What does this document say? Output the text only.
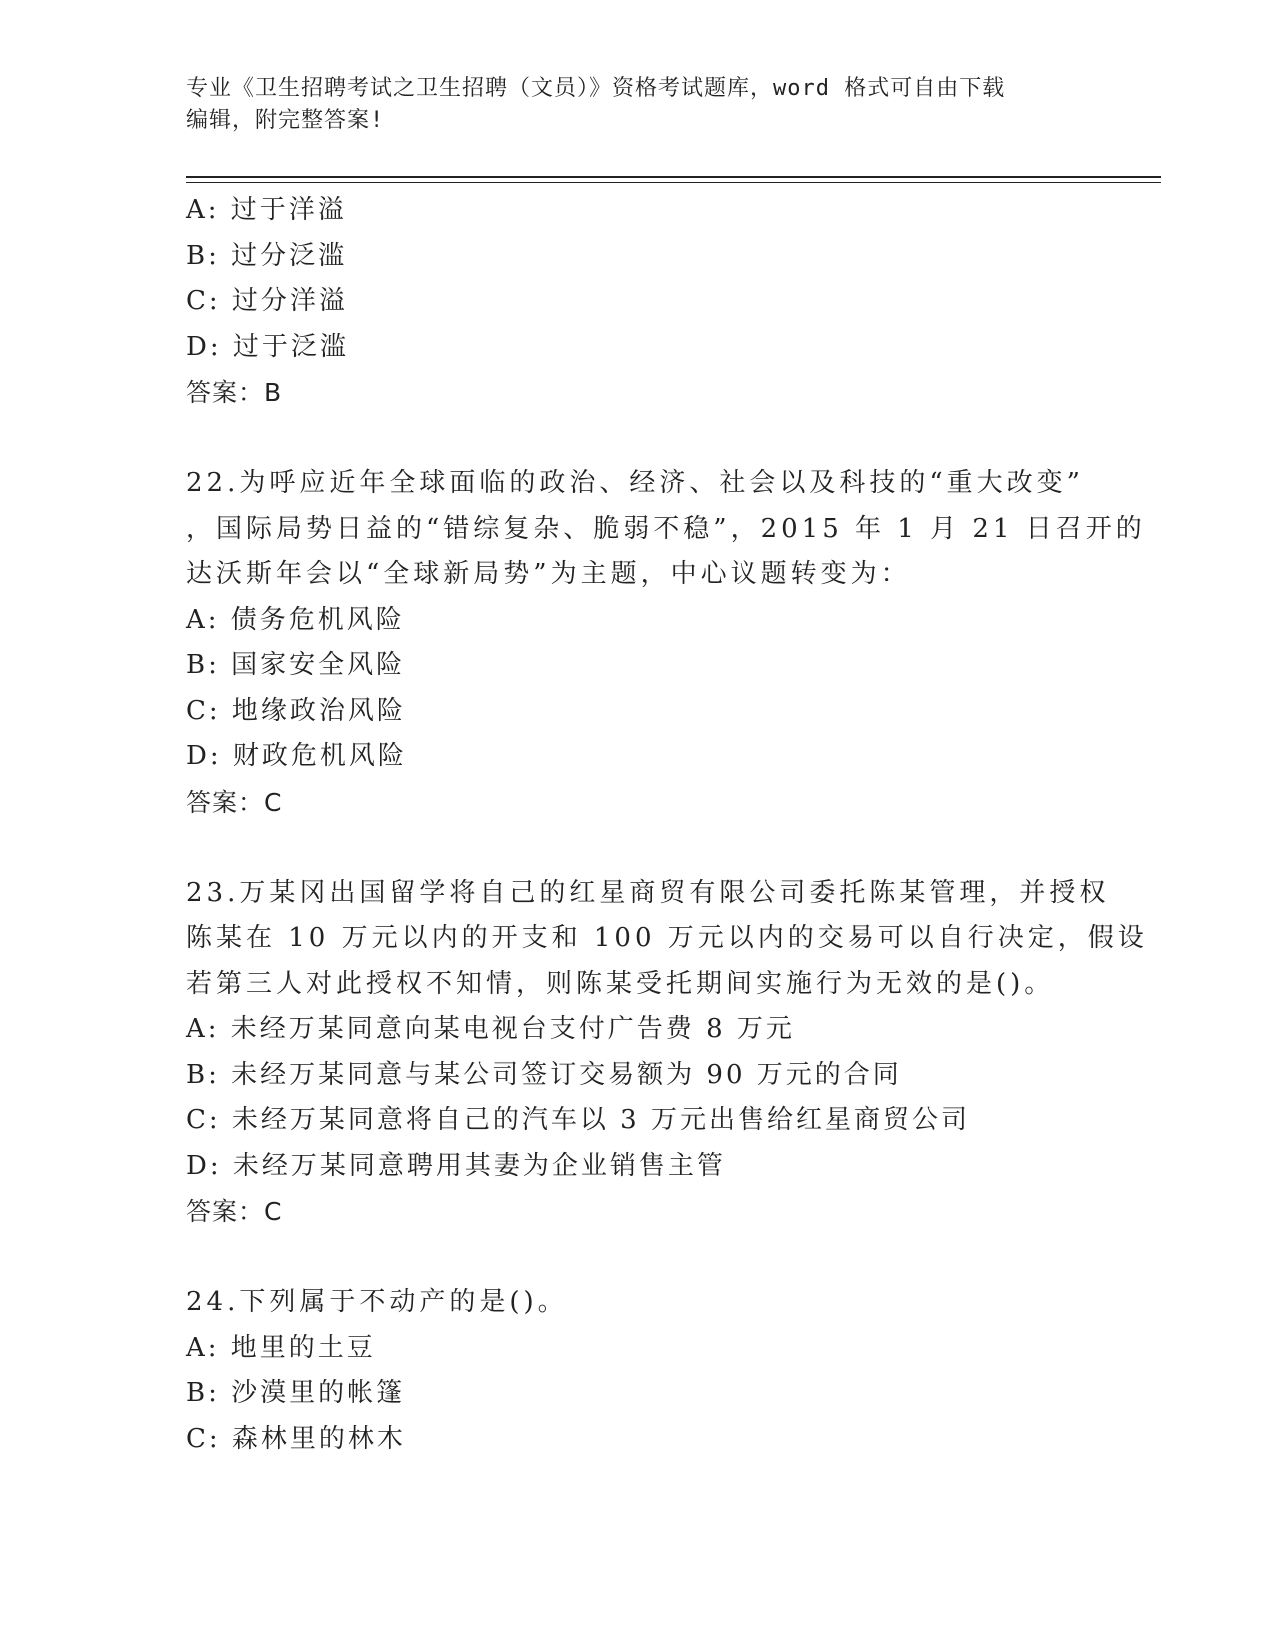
专业《卫生招聘考试之卫生招聘（文员）》资格考试题库，word 格式可自由下载
编辑，附完整答案!
A: 过于洋溢
B: 过分泛滥
C: 过分洋溢
D: 过于泛滥
答案：B
22.为呼应近年全球面临的政治、经济、社会以及科技的“重大改变”
，国际局势日益的“错综复杂、脆弱不稳”，2015 年 1 月 21 日召开的
达沃斯年会以“全球新局势”为主题，中心议题转变为：
A: 债务危机风险
B: 国家安全风险
C: 地缘政治风险
D: 财政危机风险
答案：C
23.万某冈出国留学将自己的红星商贸有限公司委托陈某管理，并授权
陈某在 10 万元以内的开支和 100 万元以内的交易可以自行决定，假设
若第三人对此授权不知情，则陈某受托期间实施行为无效的是()。
A: 未经万某同意向某电视台支付广告费 8 万元
B: 未经万某同意与某公司签订交易额为 90 万元的合同
C: 未经万某同意将自己的汽车以 3 万元出售给红星商贸公司
D: 未经万某同意聘用其妻为企业销售主管
答案：C
24.下列属于不动产的是()。
A: 地里的土豆
B: 沙漠里的帐篷
C: 森林里的林木
